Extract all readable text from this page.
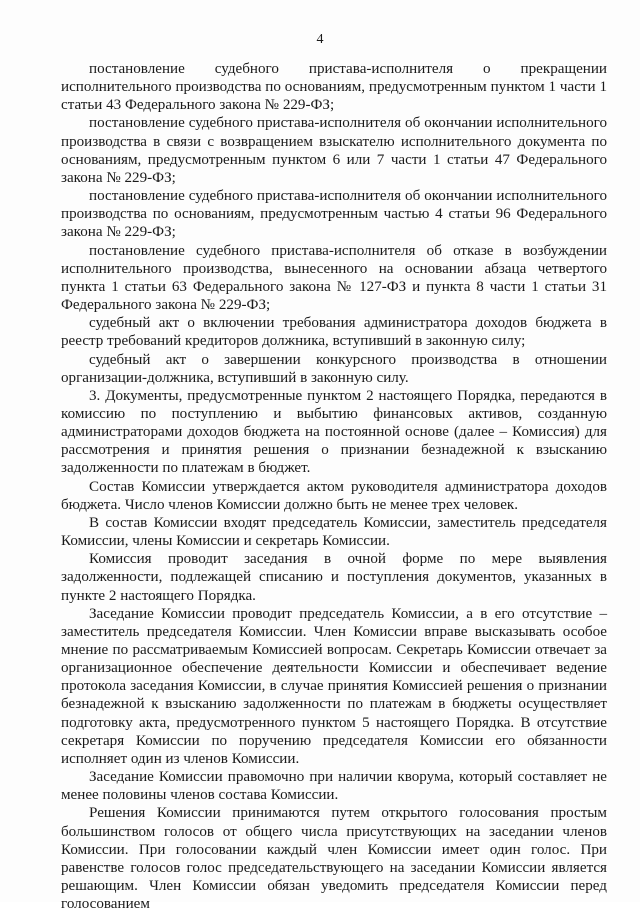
4

постановление судебного пристава-исполнителя о прекращении исполнительного производства по основаниям, предусмотренным пунктом 1 части 1 статьи 43 Федерального закона № 229-ФЗ;

постановление судебного пристава-исполнителя об окончании исполнительного производства в связи с возвращением взыскателю исполнительного документа по основаниям, предусмотренным пунктом 6 или 7 части 1 статьи 47 Федерального закона № 229-ФЗ;

постановление судебного пристава-исполнителя об окончании исполнительного производства по основаниям, предусмотренным частью 4 статьи 96 Федерального закона № 229-ФЗ;

постановление судебного пристава-исполнителя об отказе в возбуждении исполнительного производства, вынесенного на основании абзаца четвертого пункта 1 статьи 63 Федерального закона № 127-ФЗ и пункта 8 части 1 статьи 31 Федерального закона № 229-ФЗ;

судебный акт о включении требования администратора доходов бюджета в реестр требований кредиторов должника, вступивший в законную силу;

судебный акт о завершении конкурсного производства в отношении организации-должника, вступивший в законную силу.

3. Документы, предусмотренные пунктом 2 настоящего Порядка, передаются в комиссию по поступлению и выбытию финансовых активов, созданную администраторами доходов бюджета на постоянной основе (далее – Комиссия) для рассмотрения и принятия решения о признании безнадежной к взысканию задолженности по платежам в бюджет.

Состав Комиссии утверждается актом руководителя администратора доходов бюджета. Число членов Комиссии должно быть не менее трех человек.

В состав Комиссии входят председатель Комиссии, заместитель председателя Комиссии, члены Комиссии и секретарь Комиссии.

Комиссия проводит заседания в очной форме по мере выявления задолженности, подлежащей списанию и поступления документов, указанных в пункте 2 настоящего Порядка.

Заседание Комиссии проводит председатель Комиссии, а в его отсутствие – заместитель председателя Комиссии. Член Комиссии вправе высказывать особое мнение по рассматриваемым Комиссией вопросам. Секретарь Комиссии отвечает за организационное обеспечение деятельности Комиссии и обеспечивает ведение протокола заседания Комиссии, в случае принятия Комиссией решения о признании безнадежной к взысканию задолженности по платежам в бюджеты осуществляет подготовку акта, предусмотренного пунктом 5 настоящего Порядка. В отсутствие секретаря Комиссии по поручению председателя Комиссии его обязанности исполняет один из членов Комиссии.

Заседание Комиссии правомочно при наличии кворума, который составляет не менее половины членов состава Комиссии.

Решения Комиссии принимаются путем открытого голосования простым большинством голосов от общего числа присутствующих на заседании членов Комиссии. При голосовании каждый член Комиссии имеет один голос. При равенстве голосов голос председательствующего на заседании Комиссии является решающим. Член Комиссии обязан уведомить председателя Комиссии перед голосованием
